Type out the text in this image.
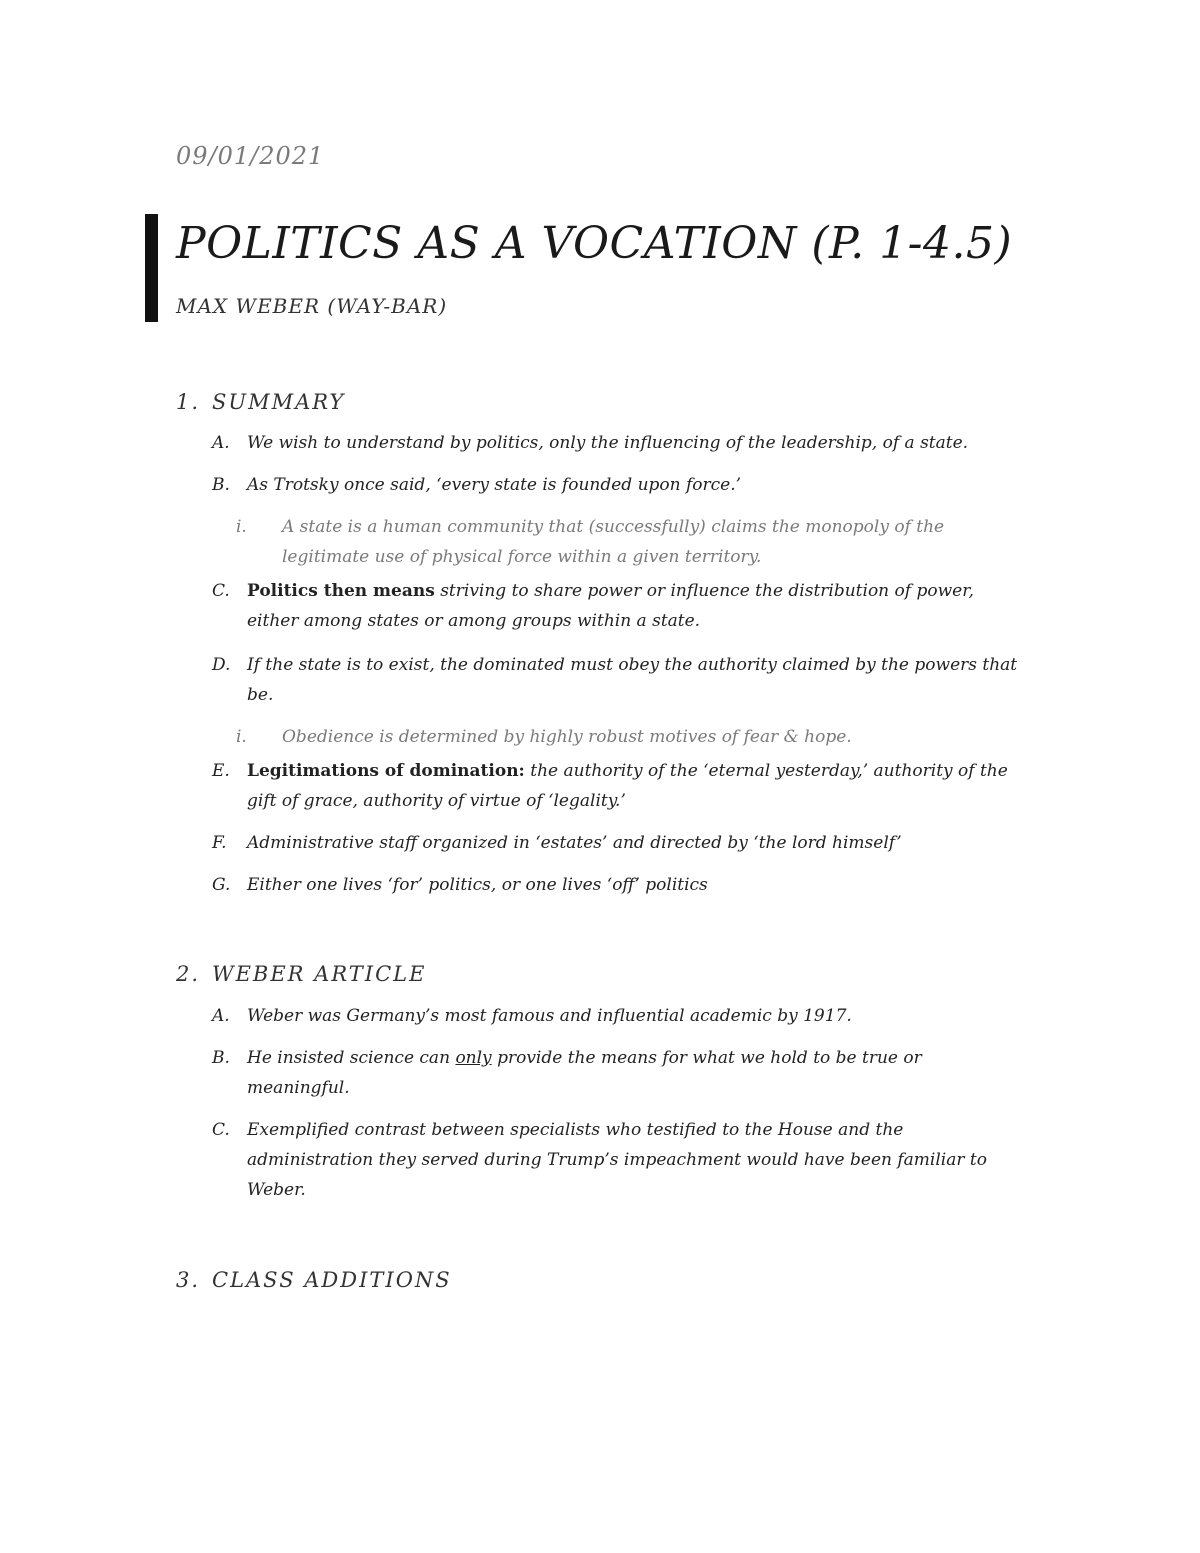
09/01/2021
POLITICS AS A VOCATION (P. 1-4.5)
MAX WEBER (WAY-BAR)
1. SUMMARY
A.	We wish to understand by politics, only the influencing of the leadership, of a state.
B.	As Trotsky once said, ‘every state is founded upon force.’
i.	A state is a human community that (successfully) claims the monopoly of the legitimate use of physical force within a given territory.
C.	Politics then means striving to share power or influence the distribution of power, either among states or among groups within a state.
D. If the state is to exist, the dominated must obey the authority claimed by the powers that be.
i.	Obedience is determined by highly robust motives of fear & hope.
E.	Legitimations of domination: the authority of the ‘eternal yesterday,’ authority of the gift of grace, authority of virtue of ‘legality.’
F.	Administrative staff organized in ‘estates’ and directed by ‘the lord himself’
G. Either one lives ‘for’ politics, or one lives ‘off’ politics
2. WEBER ARTICLE
A.	Weber was Germany’s most famous and influential academic by 1917.
B.	He insisted science can only provide the means for what we hold to be true or meaningful.
C.	Exemplified contrast between specialists who testified to the House and the administration they served during Trump’s impeachment would have been familiar to Weber.
3. CLASS ADDITIONS
